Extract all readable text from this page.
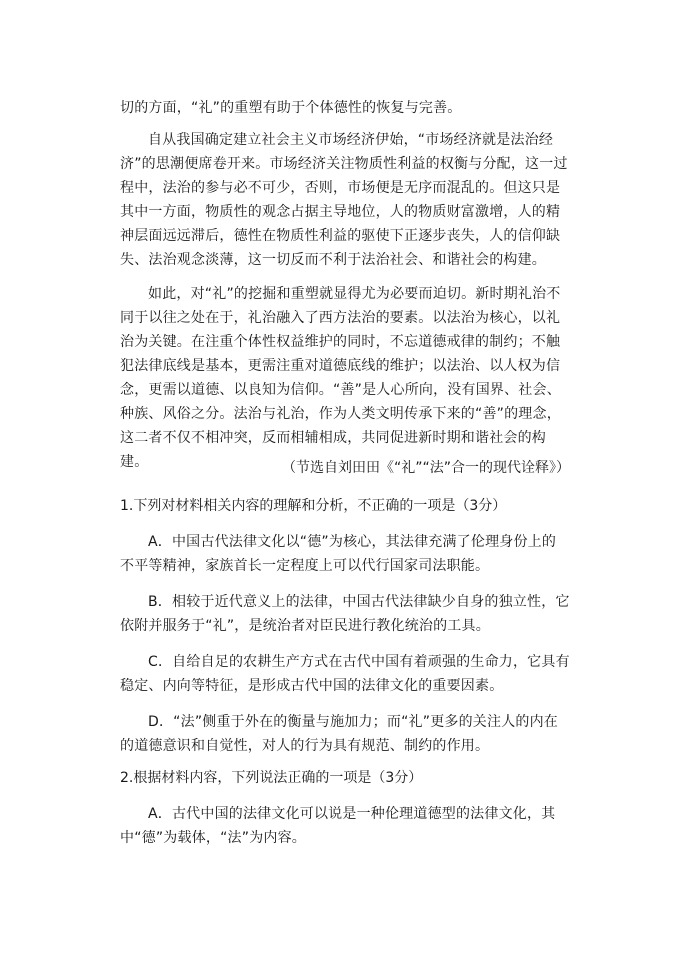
切的方面，“礼”的重塑有助于个体德性的恢复与完善。
自从我国确定建立社会主义市场经济伊始，“市场经济就是法治经济”的思潮便席卷开来。市场经济关注物质性利益的权衡与分配，这一过程中，法治的参与必不可少，否则，市场便是无序而混乱的。但这只是其中一方面，物质性的观念占据主导地位，人的物质财富激增，人的精神层面远远滞后，德性在物质性利益的驱使下正逐步丧失，人的信仰缺失、法治观念淡薄，这一切反而不利于法治社会、和谐社会的构建。
如此，对“礼”的挖掘和重塑就显得尤为必要而迫切。新时期礼治不同于以往之处在于，礼治融入了西方法治的要素。以法治为核心，以礼治为关键。在注重个体性权益维护的同时，不忘道德戒律的制约；不触犯法律底线是基本，更需注重对道德底线的维护；以法治、以人权为信念，更需以道德、以良知为信仰。“善”是人心所向，没有国界、社会、种族、风俗之分。法治与礼治，作为人类文明传承下来的“善”的理念，这二者不仅不相冲突，反而相辅相成，共同促进新时期和谐社会的构建。	（节选自刘田田《“礼”“法”合一的现代诠释》）
1.下列对材料相关内容的理解和分析，不正确的一项是（3分）
A．中国古代法律文化以“德”为核心，其法律充满了伦理身份上的不平等精神，家族首长一定程度上可以代行国家司法职能。
B．相较于近代意义上的法律，中国古代法律缺少自身的独立性，它依附并服务于“礼”，是统治者对臣民进行教化统治的工具。
C．自给自足的农耕生产方式在古代中国有着顽强的生命力，它具有稳定、内向等特征，是形成古代中国的法律文化的重要因素。
D．“法”侧重于外在的衡量与施加力；而“礼”更多的关注人的内在的道德意识和自觉性，对人的行为具有规范、制约的作用。
2.根据材料内容，下列说法正确的一项是（3分）
A．古代中国的法律文化可以说是一种伦理道德型的法律文化，其中“德”为载体，“法”为内容。
